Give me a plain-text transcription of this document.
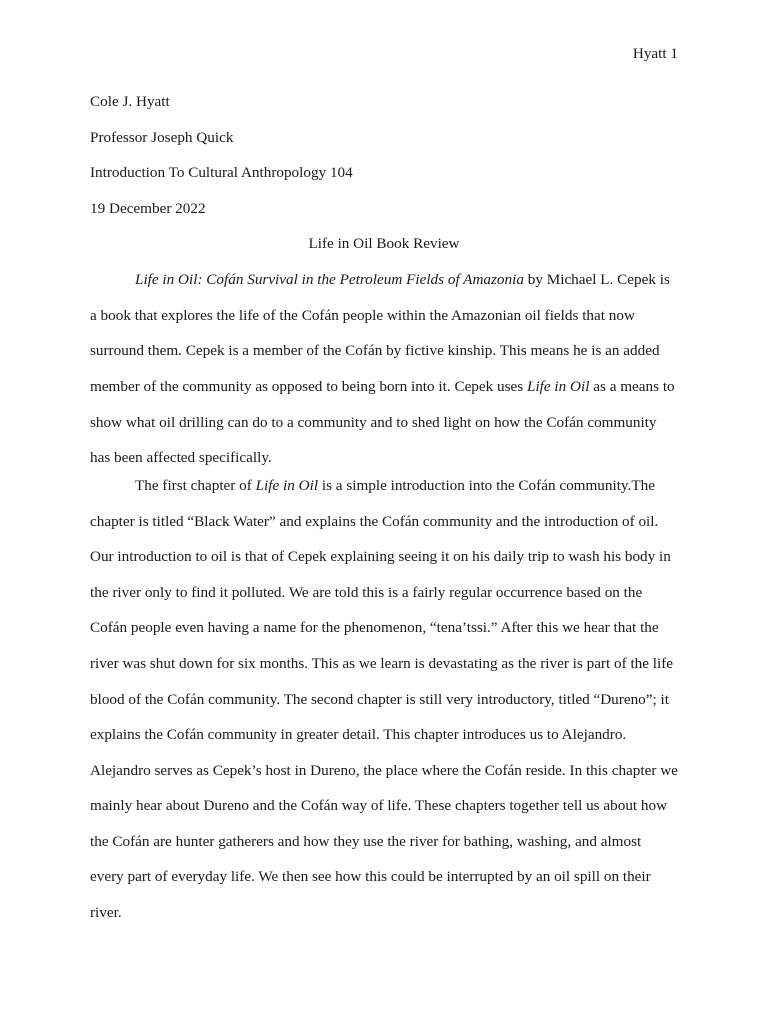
Hyatt 1
Cole J. Hyatt
Professor Joseph Quick
Introduction To Cultural Anthropology 104
19 December 2022
Life in Oil Book Review

Life in Oil: Cofán Survival in the Petroleum Fields of Amazonia by Michael L. Cepek is a book that explores the life of the Cofán people within the Amazonian oil fields that now surround them. Cepek is a member of the Cofán by fictive kinship. This means he is an added member of the community as opposed to being born into it. Cepek uses Life in Oil as a means to show what oil drilling can do to a community and to shed light on how the Cofán community has been affected specifically.

The first chapter of Life in Oil is a simple introduction into the Cofán community.The chapter is titled “Black Water” and explains the Cofán community and the introduction of oil. Our introduction to oil is that of Cepek explaining seeing it on his daily trip to wash his body in the river only to find it polluted. We are told this is a fairly regular occurrence based on the Cofán people even having a name for the phenomenon, “tena’tssi.” After this we hear that the river was shut down for six months. This as we learn is devastating as the river is part of the life blood of the Cofán community. The second chapter is still very introductory, titled “Dureno”; it explains the Cofán community in greater detail. This chapter introduces us to Alejandro. Alejandro serves as Cepek’s host in Dureno, the place where the Cofán reside. In this chapter we mainly hear about Dureno and the Cofán way of life. These chapters together tell us about how the Cofán are hunter gatherers and how they use the river for bathing, washing, and almost every part of everyday life. We then see how this could be interrupted by an oil spill on their river.
